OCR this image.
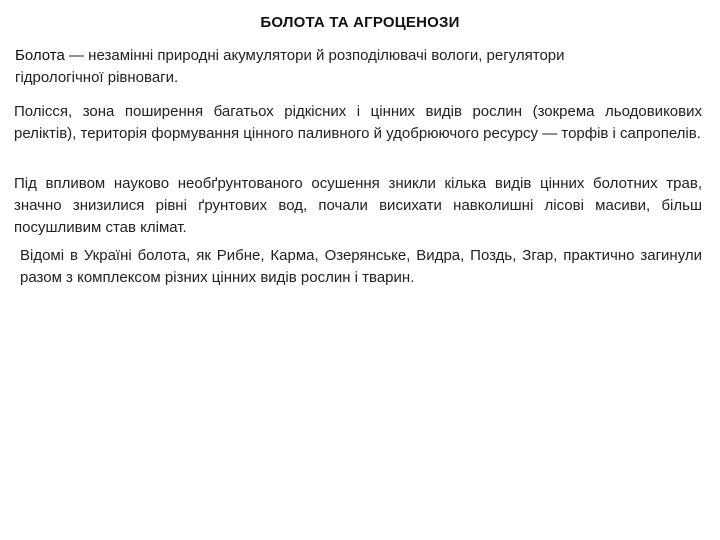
БОЛОТА ТА АГРОЦЕНОЗИ
Болота — незамінні природні акумулятори й розподілювачі вологи, регулятори гідрологічної рівноваги.
Полісся, зона поширення багатьох рідкісних і цінних видів рослин (зокрема льодовикових реліктів), територія формування цінного паливного й удобрюючого ресурсу — торфів і сапропелів.
Під впливом науково необґрунтованого осушення зникли кілька видів цінних болотних трав, значно знизилися рівні ґрунтових вод, почали висихати навколишні лісові масиви, більш посушливим став клімат.
Відомі в Україні болота, як Рибне, Карма, Озерянське, Видра, Поздь, Згар, практично загинули разом з комплексом різних цінних видів рослин і тварин.
